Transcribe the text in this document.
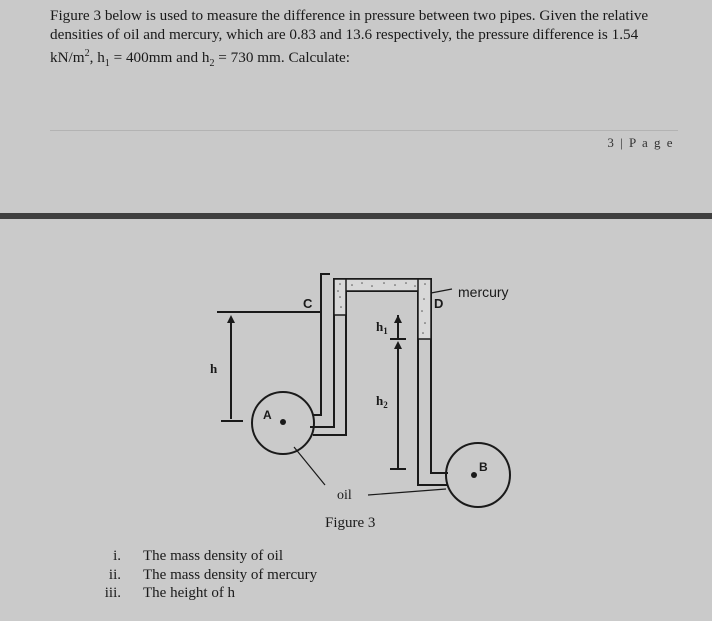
Figure 3 below is used to measure the difference in pressure between two pipes. Given the relative
densities of oil and mercury, which are 0.83 and 13.6 respectively, the pressure difference is 1.54
$kN/m^2$, $h_1 = 400mm$ and $h_2 = 730$ mm. Calculate:
3 | P a g e
C	D
A
B
h
$h_1$
$h_2$
mercury
oil
Figure 3
i. The mass density of oil
ii. The mass density of mercury
iii. The height of h
